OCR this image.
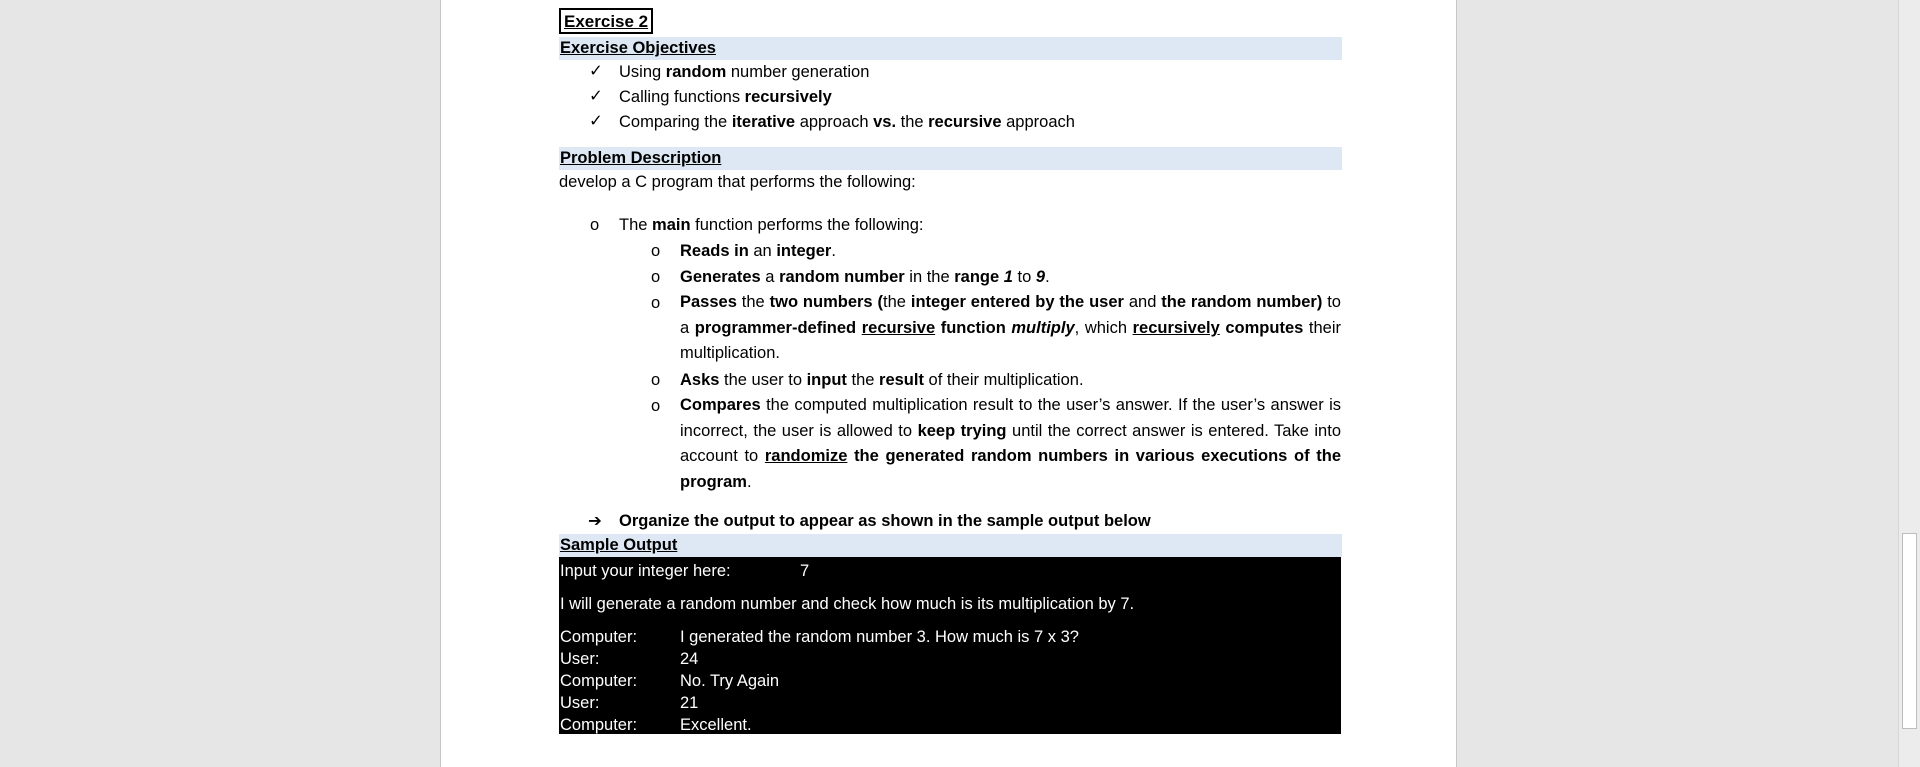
Exercise 2
Exercise Objectives
✓ Using random number generation
✓ Calling functions recursively
✓ Comparing the iterative approach vs. the recursive approach
Problem Description
develop a C program that performs the following:
o The main function performs the following:
o Reads in an integer.
o Generates a random number in the range 1 to 9.
o Passes the two numbers (the integer entered by the user and the random number) to a programmer-defined recursive function multiply, which recursively computes their multiplication.
o Asks the user to input the result of their multiplication.
o Compares the computed multiplication result to the user’s answer. If the user’s answer is incorrect, the user is allowed to keep trying until the correct answer is entered. Take into account to randomize the generated random numbers in various executions of the program.
➔ Organize the output to appear as shown in the sample output below
Sample Output
Input your integer here:	7
I will generate a random number and check how much is its multiplication by 7.
Computer:	I generated the random number 3. How much is 7 x 3?
User:	24
Computer:	No. Try Again
User:	21
Computer:	Excellent.
